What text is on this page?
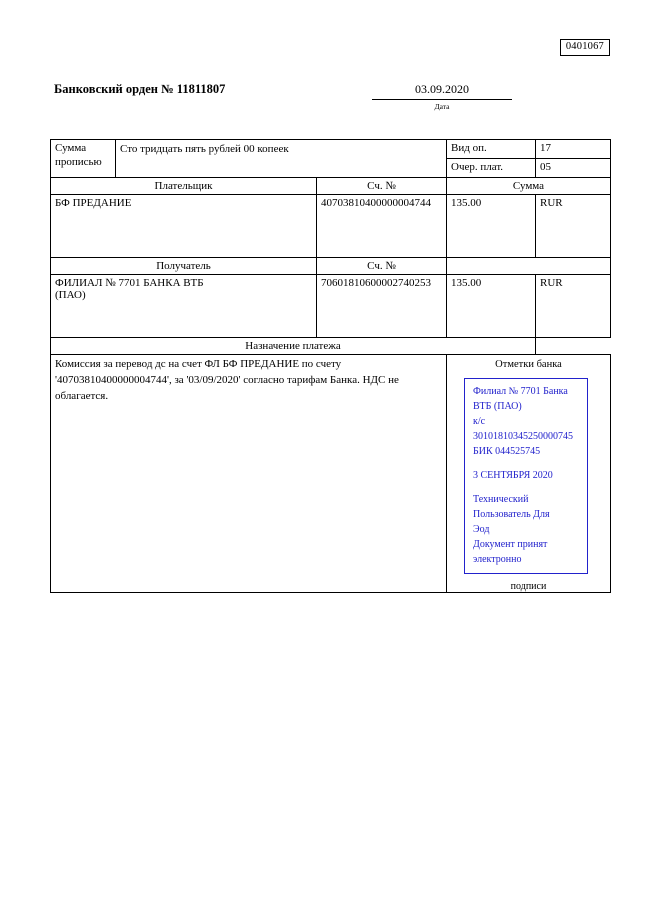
0401067
Банковский орден № 11811807	03.09.2020
Дата
Сумма
прописью	Сто тридцать пять рублей 00 копеек		Вид оп.	17
			Очер. плат.	05
Плательщик		Сч. №	Сумма	
БФ ПРЕДАНИЕ		40703810400000004744	135.00	RUR
Получатель		Сч. №		

ФИЛИАЛ № 7701 БАНКА ВТБ
(ПАО)		70601810600002740253	135.00	RUR
Назначение платежа				
Комиссия за перевод дс на счет ФЛ БФ ПРЕДАНИЕ по счету '40703810400000004744', за '03/09/2020' согласно тарифам Банка. НДС не облагается.	
Отметки банка
Филиал № 7701 Банка ВТБ (ПАО)
к/с 30101810345250000745
БИК 044525745
3 СЕНТЯБРЯ 2020
Технический Пользователь Для
Эод
Документ принят электронно
подписи
